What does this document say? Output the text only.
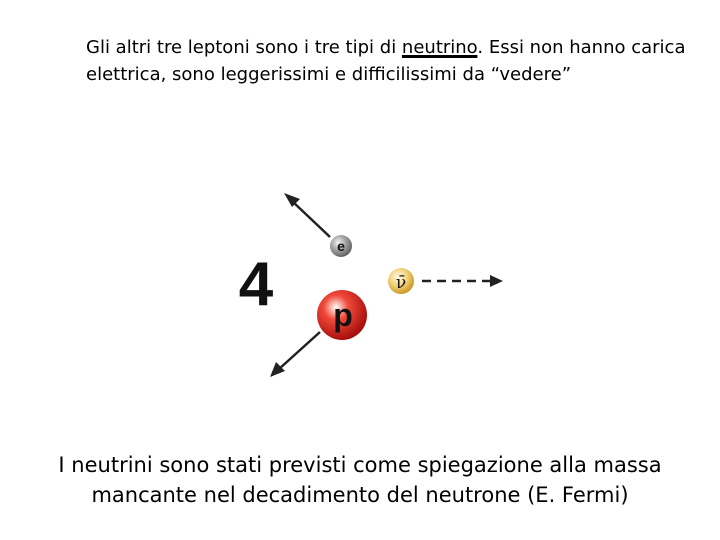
Gli altri tre leptoni sono i tre tipi di neutrino. Essi non hanno carica elettrica, sono leggerissimi e difficilissimi da “vedere”
4
e
p
ν̄
I neutrini sono stati previsti come spiegazione alla massa
mancante nel decadimento del neutrone (E. Fermi)
